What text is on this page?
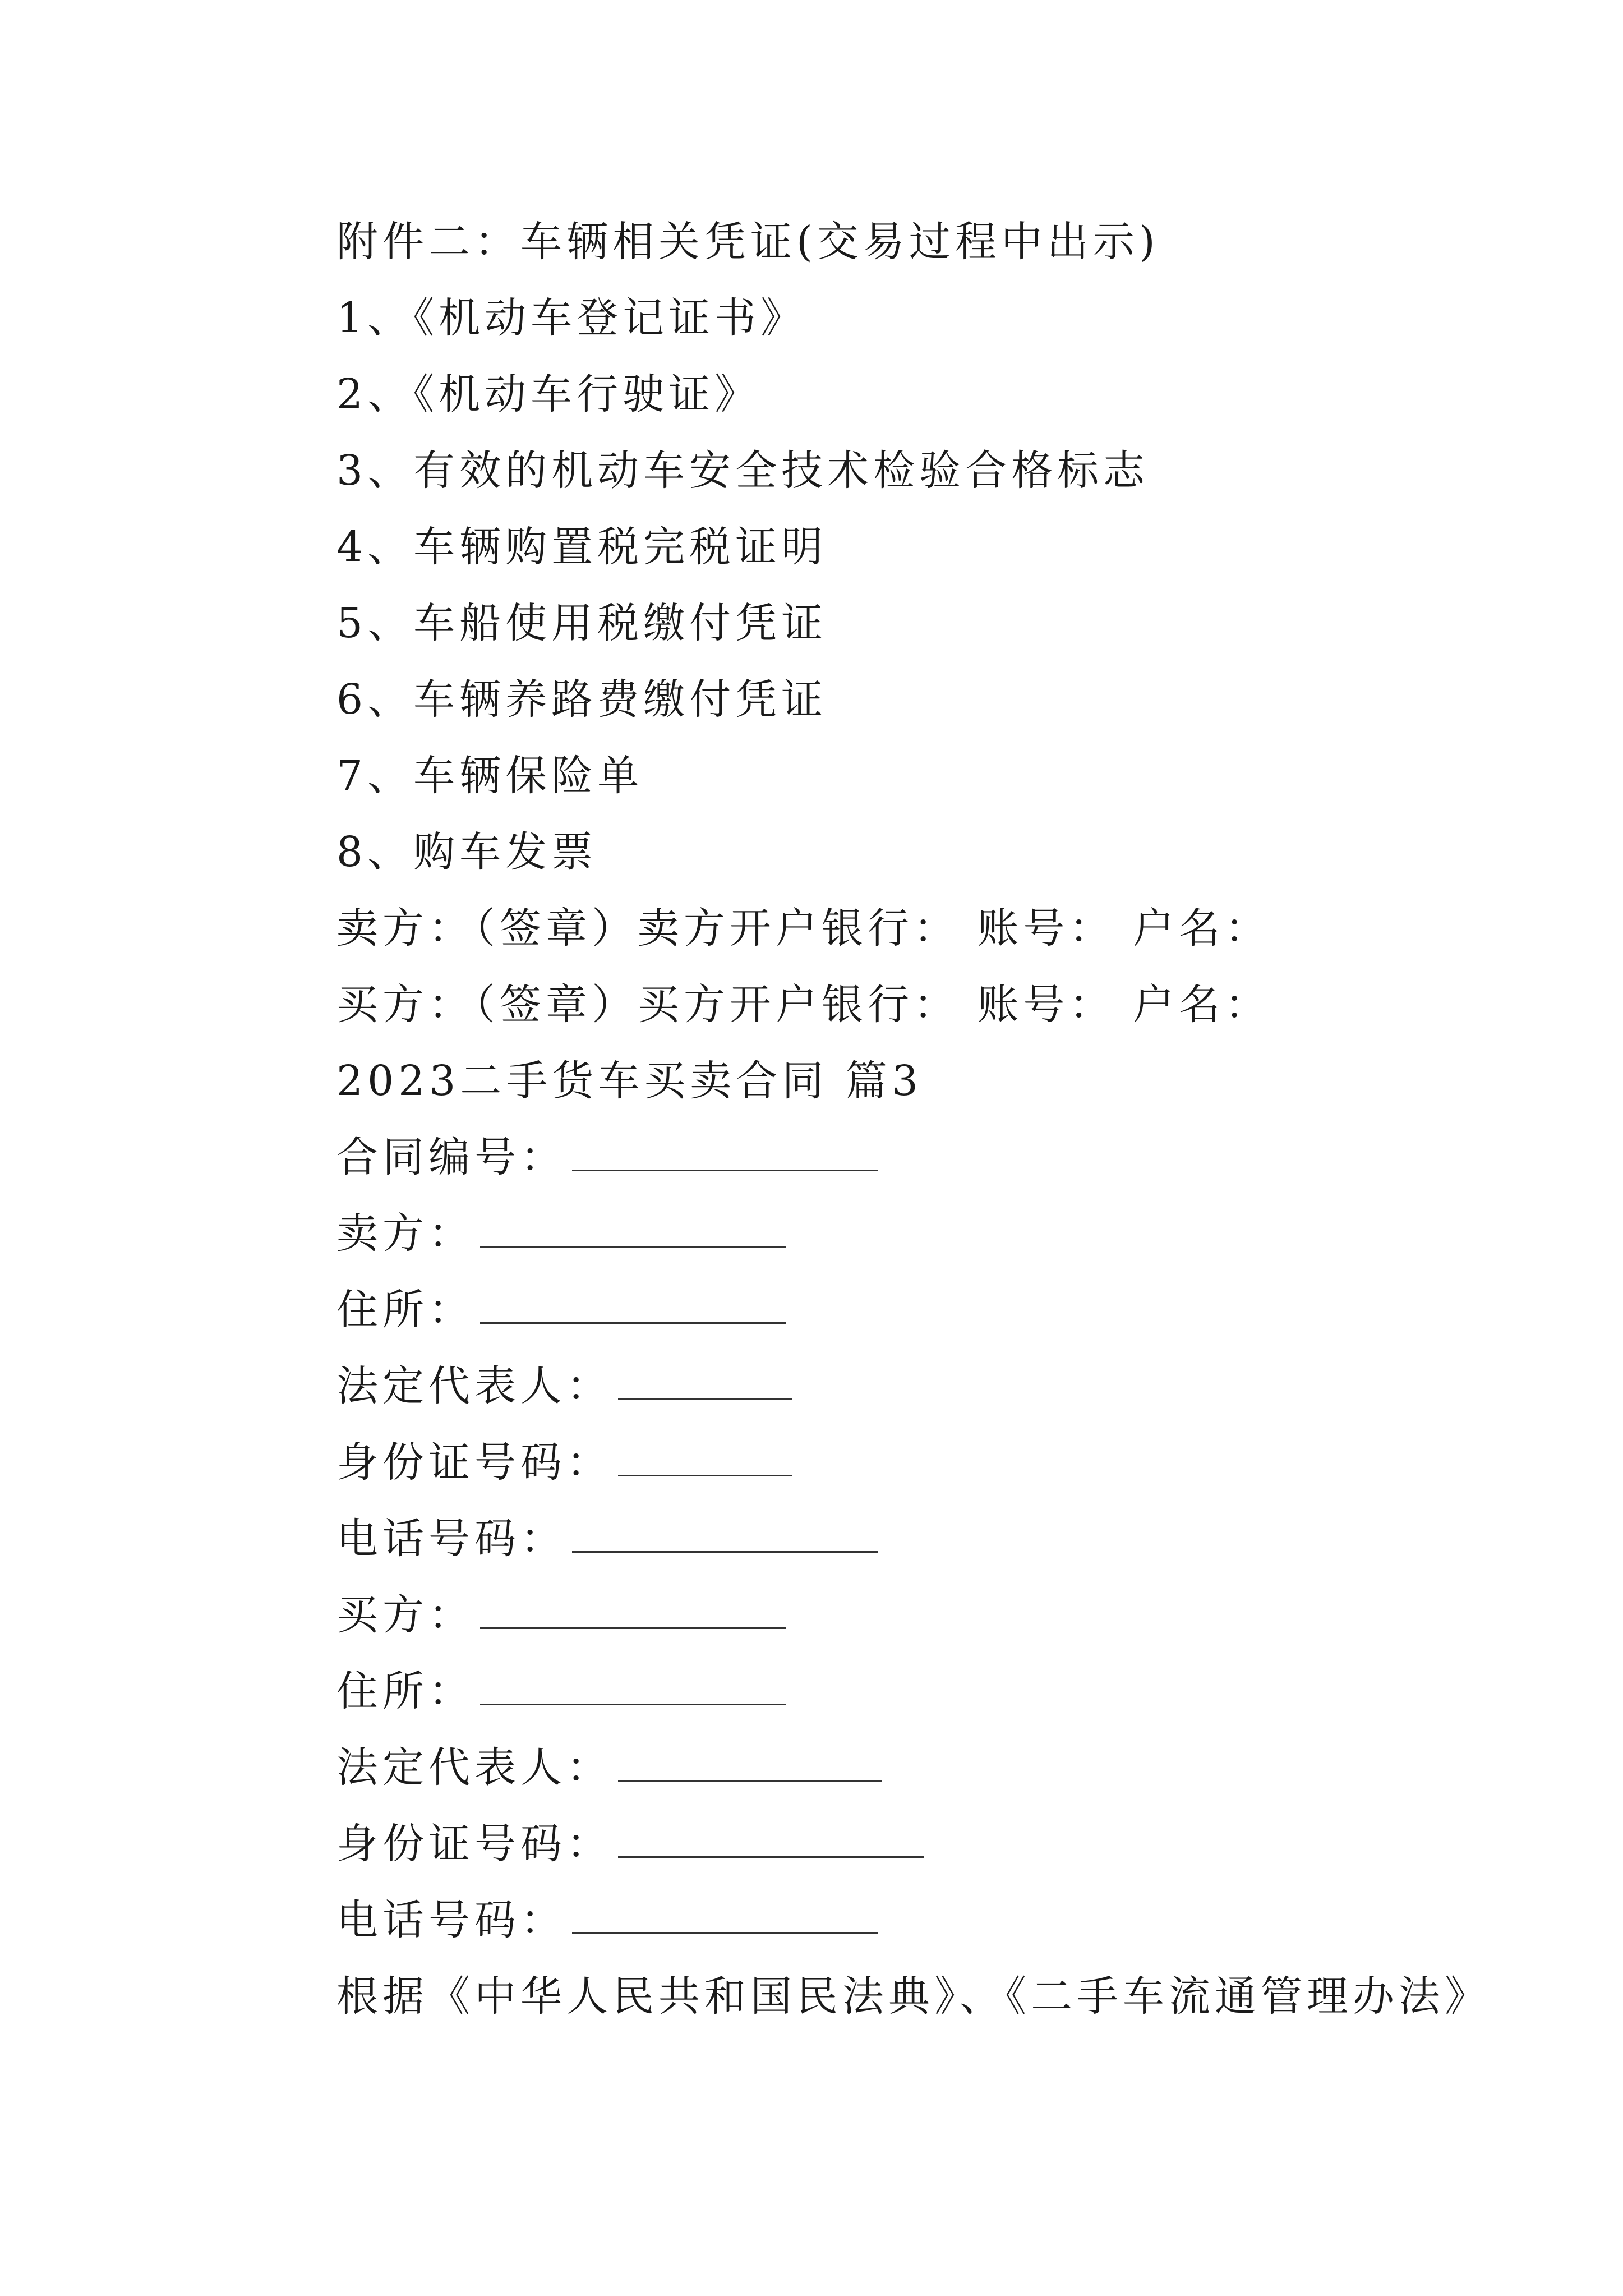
附件二：车辆相关凭证(交易过程中出示)
1、《机动车登记证书》
2、《机动车行驶证》
3、有效的机动车安全技术检验合格标志
4、车辆购置税完税证明
5、车船使用税缴付凭证
6、车辆养路费缴付凭证
7、车辆保险单
8、购车发票
卖方：（签章）卖方开户银行： 账号： 户名：
买方：（签章）买方开户银行： 账号： 户名：
2023二手货车买卖合同 篇3
合同编号：
卖方：
住所：
法定代表人：
身份证号码：
电话号码：
买方：
住所：
法定代表人：
身份证号码：
电话号码：
根据《中华人民共和国民法典》、《二手车流通管理办法》
